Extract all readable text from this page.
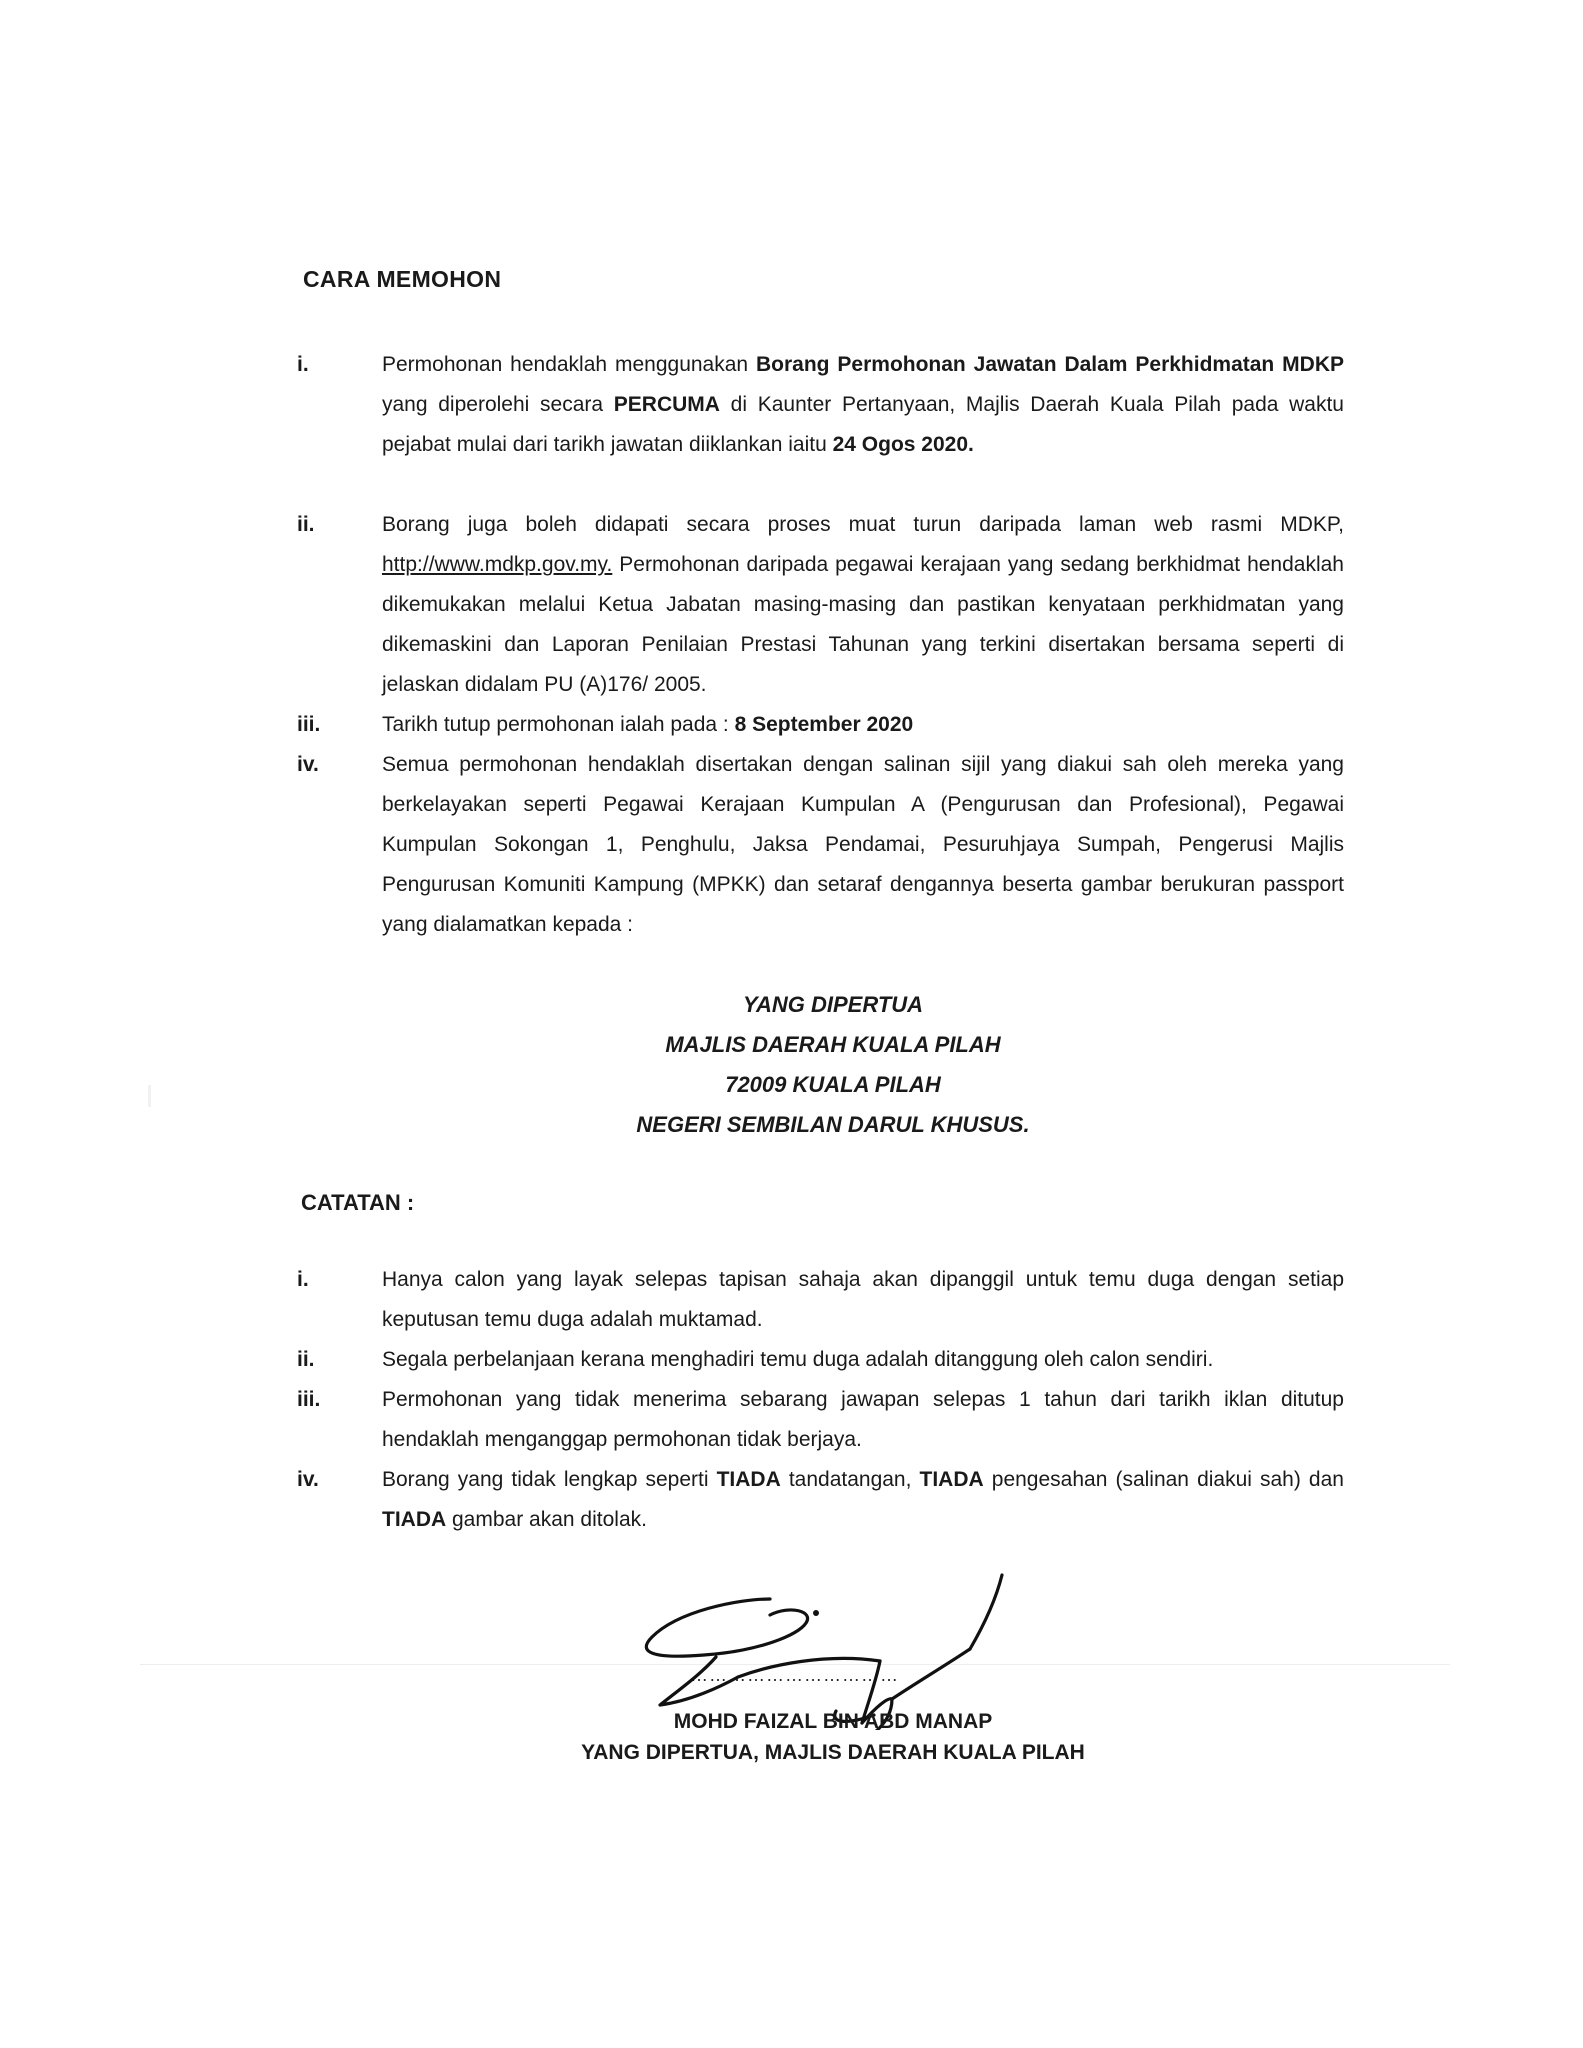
CARA MEMOHON
i.	Permohonan hendaklah menggunakan Borang Permohonan Jawatan Dalam Perkhidmatan MDKP yang diperolehi secara PERCUMA di Kaunter Pertanyaan, Majlis Daerah Kuala Pilah pada waktu pejabat mulai dari tarikh jawatan diiklankan iaitu 24 Ogos 2020.
ii.	Borang juga boleh didapati secara proses muat turun daripada laman web rasmi MDKP, http://www.mdkp.gov.my. Permohonan daripada pegawai kerajaan yang sedang berkhidmat hendaklah dikemukakan melalui Ketua Jabatan masing-masing dan pastikan kenyataan perkhidmatan yang dikemaskini dan Laporan Penilaian Prestasi Tahunan yang terkini disertakan bersama seperti di jelaskan didalam PU (A)176/ 2005.
iii.	Tarikh tutup permohonan ialah pada : 8 September 2020
iv.	Semua permohonan hendaklah disertakan dengan salinan sijil yang diakui sah oleh mereka yang berkelayakan seperti Pegawai Kerajaan Kumpulan A (Pengurusan dan Profesional), Pegawai Kumpulan Sokongan 1, Penghulu, Jaksa Pendamai, Pesuruhjaya Sumpah, Pengerusi Majlis Pengurusan Komuniti Kampung (MPKK) dan setaraf dengannya beserta gambar berukuran passport yang dialamatkan kepada :
YANG DIPERTUA
MAJLIS DAERAH KUALA PILAH
72009 KUALA PILAH
NEGERI SEMBILAN DARUL KHUSUS.
CATATAN :
i.	Hanya calon yang layak selepas tapisan sahaja akan dipanggil untuk temu duga dengan setiap keputusan temu duga adalah muktamad.
ii.	Segala perbelanjaan kerana menghadiri temu duga adalah ditanggung oleh calon sendiri.
iii.	Permohonan yang tidak menerima sebarang jawapan selepas 1 tahun dari tarikh iklan ditutup hendaklah menganggap permohonan tidak berjaya.
iv.	Borang yang tidak lengkap seperti TIADA tandatangan, TIADA pengesahan (salinan diakui sah) dan TIADA gambar akan ditolak.
……………………………
MOHD FAIZAL BIN ABD MANAP
YANG DIPERTUA, MAJLIS DAERAH KUALA PILAH
